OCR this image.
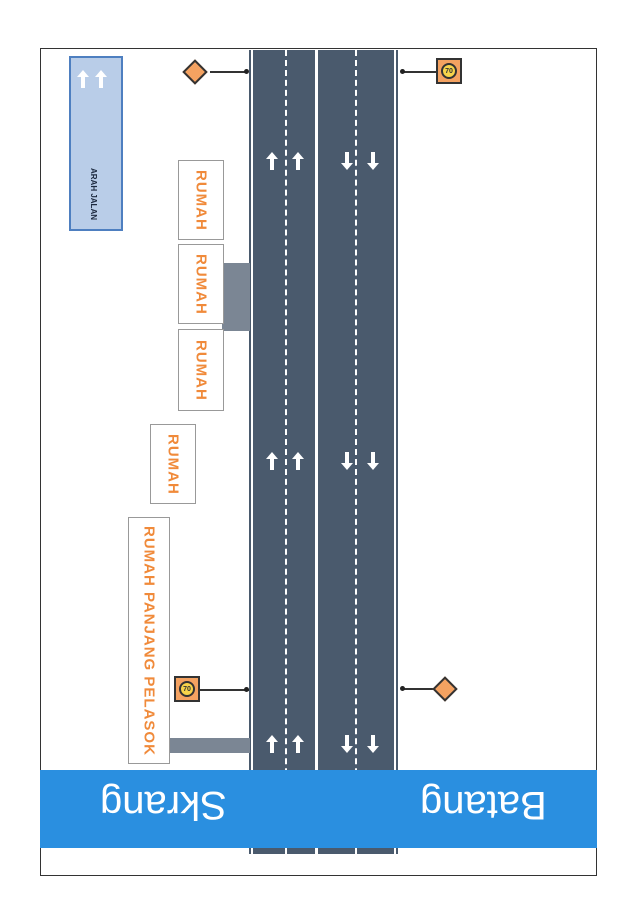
ARAH JALAN	RUMAH
RUMAH
RUMAH
RUMAH
RUMAH PANJANG PELASOK
70
70
Skrang	Batang
